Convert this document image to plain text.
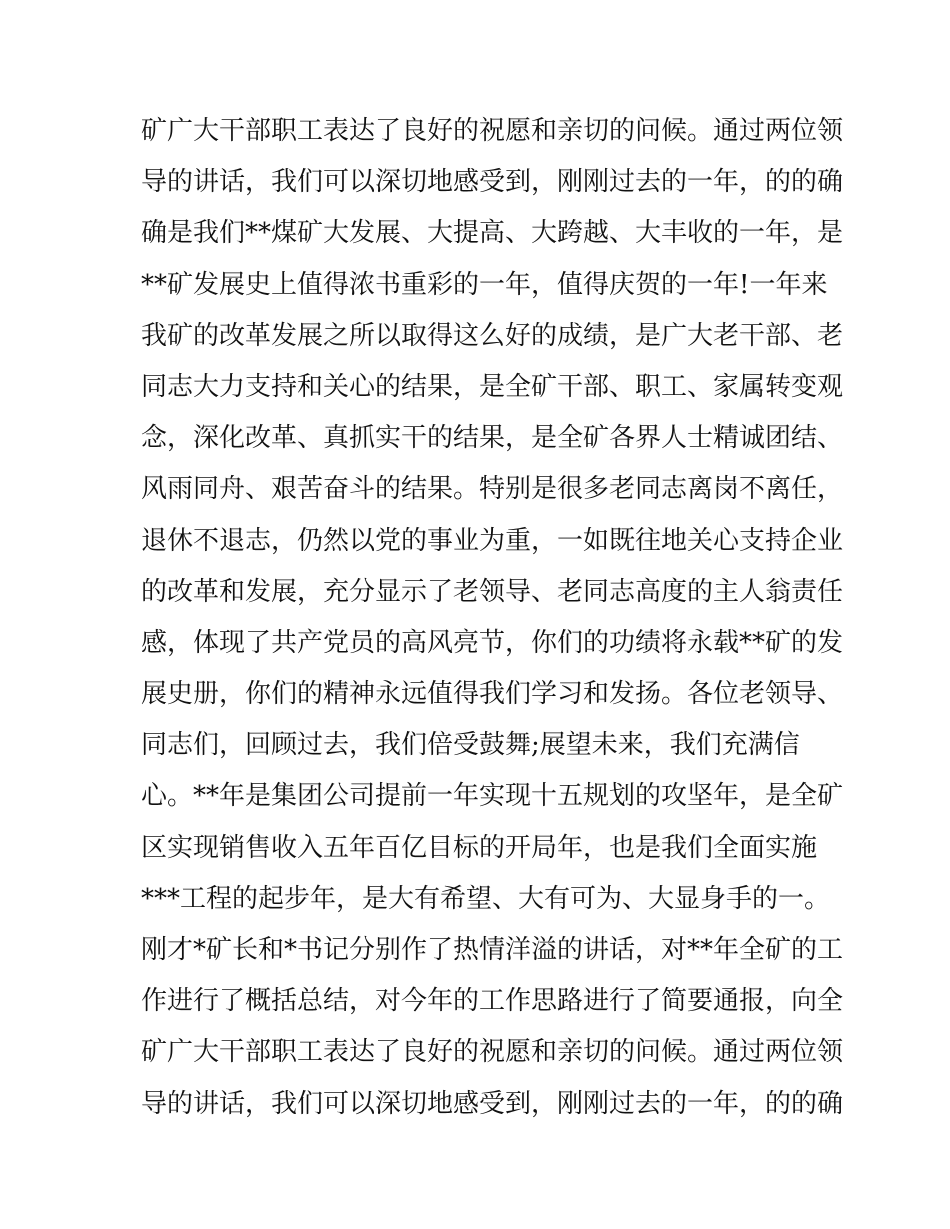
矿广大干部职工表达了良好的祝愿和亲切的问候。通过两位领
导的讲话，我们可以深切地感受到，刚刚过去的一年，的的确
确是我们**煤矿大发展、大提高、大跨越、大丰收的一年，是
**矿发展史上值得浓书重彩的一年，值得庆贺的一年!一年来
我矿的改革发展之所以取得这么好的成绩，是广大老干部、老
同志大力支持和关心的结果，是全矿干部、职工、家属转变观
念，深化改革、真抓实干的结果，是全矿各界人士精诚团结、
风雨同舟、艰苦奋斗的结果。特别是很多老同志离岗不离任，
退休不退志，仍然以党的事业为重，一如既往地关心支持企业
的改革和发展，充分显示了老领导、老同志高度的主人翁责任
感，体现了共产党员的高风亮节，你们的功绩将永载**矿的发
展史册，你们的精神永远值得我们学习和发扬。各位老领导、
同志们，回顾过去，我们倍受鼓舞;展望未来，我们充满信
心。**年是集团公司提前一年实现十五规划的攻坚年，是全矿
区实现销售收入五年百亿目标的开局年，也是我们全面实施
***工程的起步年，是大有希望、大有可为、大显身手的一。
刚才*矿长和*书记分别作了热情洋溢的讲话，对**年全矿的工
作进行了概括总结，对今年的工作思路进行了简要通报，向全
矿广大干部职工表达了良好的祝愿和亲切的问候。通过两位领
导的讲话，我们可以深切地感受到，刚刚过去的一年，的的确
